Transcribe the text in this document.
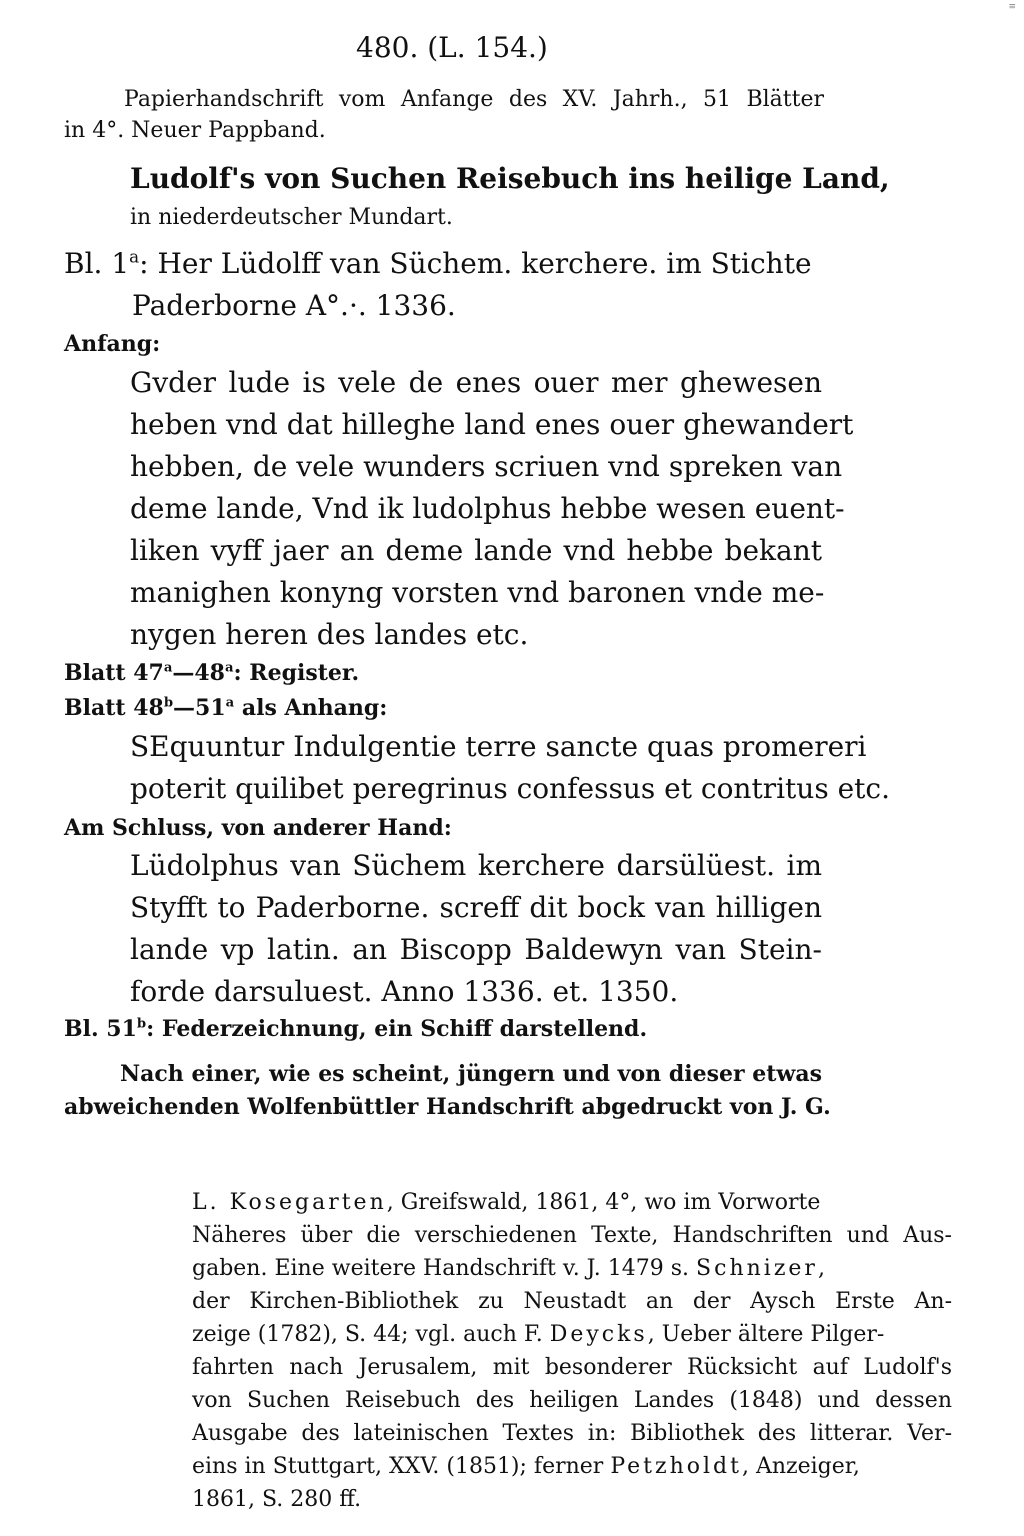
≡
480. (L. 154.)
Papierhandschrift vom Anfange des XV. Jahrh., 51 Blätter
in 4°. Neuer Pappband.
Ludolf's von Suchen Reisebuch ins heilige Land,
in niederdeutscher Mundart.
Bl. 1$^a$: Her Lüdolff van Süchem. kerchere. im Stichte
Paderborne A°.·. 1336.
Anfang:
Gvder lude is vele de enes ouer mer ghewesen
heben vnd dat hilleghe land enes ouer ghewandert
hebben, de vele wunders scriuen vnd spreken van
deme lande, Vnd ik ludolphus hebbe wesen euent-
liken vyff jaer an deme lande vnd hebbe bekant
manighen konyng vorsten vnd baronen vnde me-
nygen heren des landes etc.
Blatt 47$^a$—48$^a$: Register.
Blatt 48$^b$—51$^a$ als Anhang:
SEquuntur Indulgentie terre sancte quas promereri
poterit quilibet peregrinus confessus et contritus etc.
Am Schluss, von anderer Hand:
Lüdolphus van Süchem kerchere darsülüest. im
Styfft to Paderborne. screff dit bock van hilligen
lande vp latin. an Biscopp Baldewyn van Stein-
forde darsuluest. Anno 1336. et. 1350.
Bl. 51$^b$: Federzeichnung, ein Schiff darstellend.
Nach einer, wie es scheint, jüngern und von dieser etwas
abweichenden Wolfenbüttler Handschrift abgedruckt von J. G.
L. Kosegarten, Greifswald, 1861, 4°, wo im Vorworte
Näheres über die verschiedenen Texte, Handschriften und Aus-
gaben. Eine weitere Handschrift v. J. 1479 s. Schnizer,
der Kirchen-Bibliothek zu Neustadt an der Aysch Erste An-
zeige (1782), S. 44; vgl. auch F. Deycks, Ueber ältere Pilger-
fahrten nach Jerusalem, mit besonderer Rücksicht auf Ludolf's
von Suchen Reisebuch des heiligen Landes (1848) und dessen
Ausgabe des lateinischen Textes in: Bibliothek des litterar. Ver-
eins in Stuttgart, XXV. (1851); ferner Petzholdt, Anzeiger,
1861, S. 280 ff.
